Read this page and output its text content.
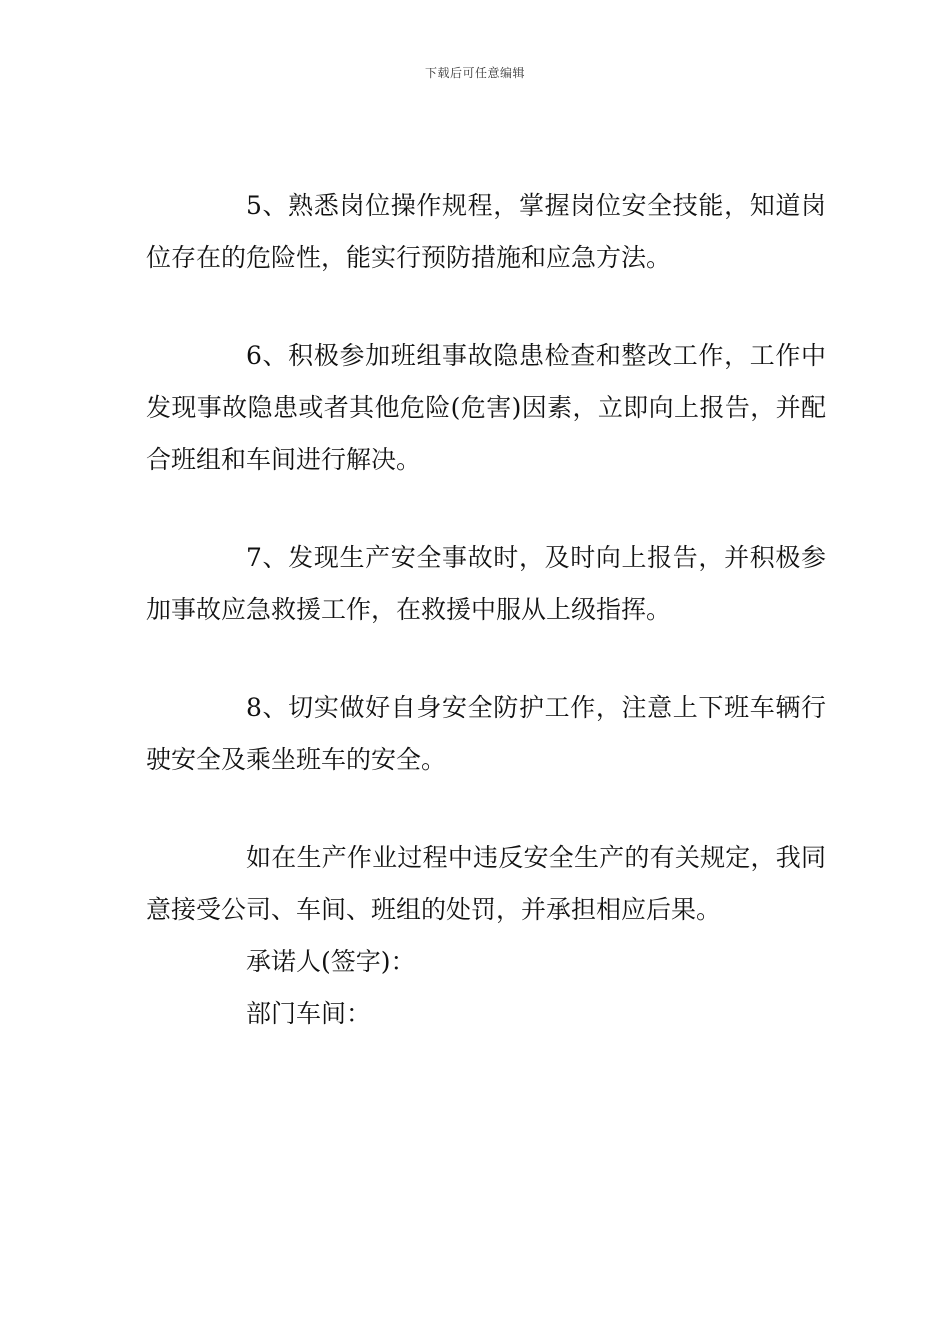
下载后可任意编辑

5、熟悉岗位操作规程，掌握岗位安全技能，知道岗位存在的危险性，能实行预防措施和应急方法。

6、积极参加班组事故隐患检查和整改工作，工作中发现事故隐患或者其他危险(危害)因素，立即向上报告，并配合班组和车间进行解决。

7、发现生产安全事故时，及时向上报告，并积极参加事故应急救援工作，在救援中服从上级指挥。

8、切实做好自身安全防护工作，注意上下班车辆行驶安全及乘坐班车的安全。

如在生产作业过程中违反安全生产的有关规定，我同意接受公司、车间、班组的处罚，并承担相应后果。

承诺人(签字)：

部门车间：
